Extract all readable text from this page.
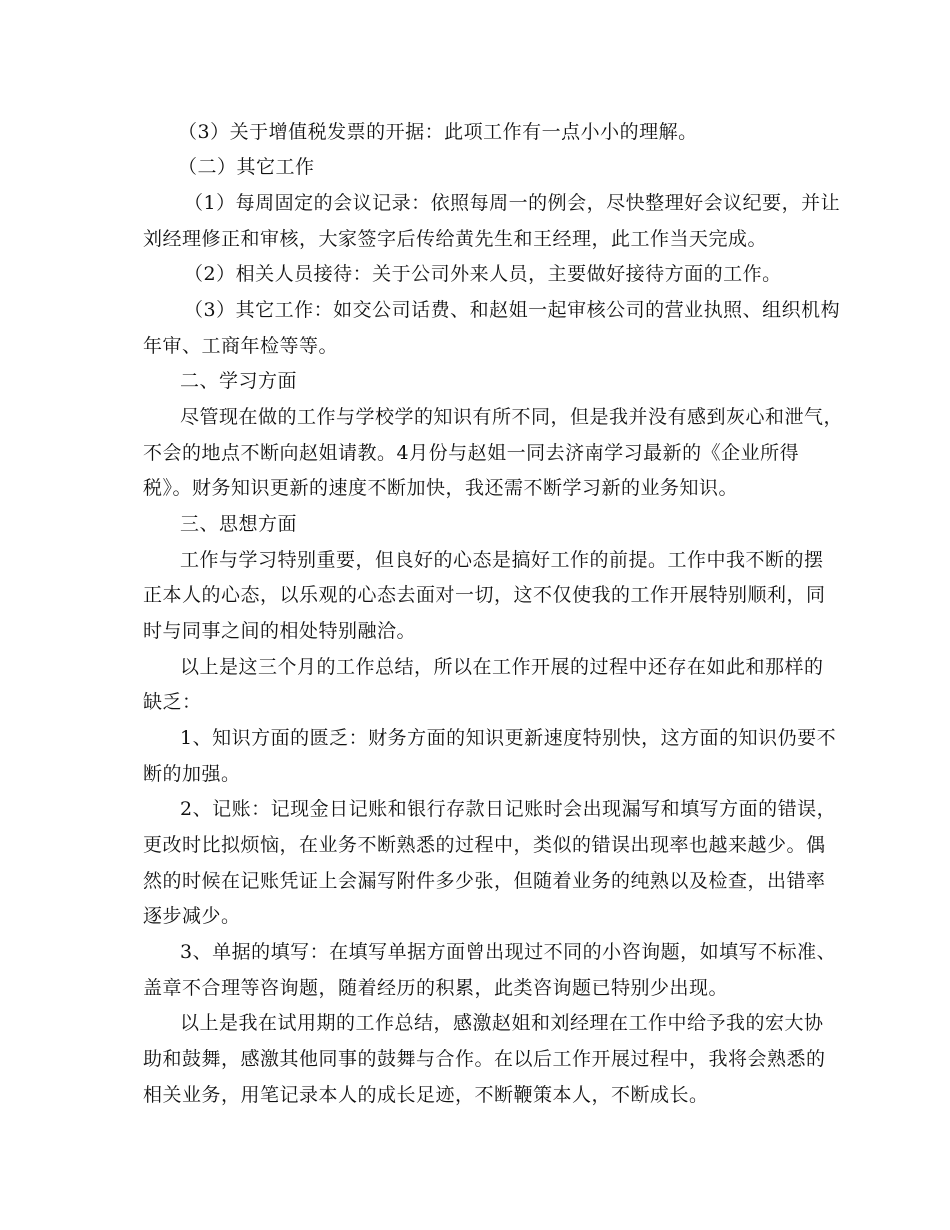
（3）关于增值税发票的开据：此项工作有一点小小的理解。
（二）其它工作
（1）每周固定的会议记录：依照每周一的例会，尽快整理好会议纪要，并让
刘经理修正和审核，大家签字后传给黄先生和王经理，此工作当天完成。
（2）相关人员接待：关于公司外来人员，主要做好接待方面的工作。
（3）其它工作：如交公司话费、和赵姐一起审核公司的营业执照、组织机构
年审、工商年检等等。
二、学习方面
尽管现在做的工作与学校学的知识有所不同，但是我并没有感到灰心和泄气，
不会的地点不断向赵姐请教。4月份与赵姐一同去济南学习最新的《企业所得
税》。财务知识更新的速度不断加快，我还需不断学习新的业务知识。
三、思想方面
工作与学习特别重要，但良好的心态是搞好工作的前提。工作中我不断的摆
正本人的心态，以乐观的心态去面对一切，这不仅使我的工作开展特别顺利，同
时与同事之间的相处特别融洽。
以上是这三个月的工作总结，所以在工作开展的过程中还存在如此和那样的
缺乏：
1、知识方面的匮乏：财务方面的知识更新速度特别快，这方面的知识仍要不
断的加强。
2、记账：记现金日记账和银行存款日记账时会出现漏写和填写方面的错误，
更改时比拟烦恼，在业务不断熟悉的过程中，类似的错误出现率也越来越少。偶
然的时候在记账凭证上会漏写附件多少张，但随着业务的纯熟以及检查，出错率
逐步减少。
3、单据的填写：在填写单据方面曾出现过不同的小咨询题，如填写不标准、
盖章不合理等咨询题，随着经历的积累，此类咨询题已特别少出现。
以上是我在试用期的工作总结，感激赵姐和刘经理在工作中给予我的宏大协
助和鼓舞，感激其他同事的鼓舞与合作。在以后工作开展过程中，我将会熟悉的
相关业务，用笔记录本人的成长足迹，不断鞭策本人，不断成长。
